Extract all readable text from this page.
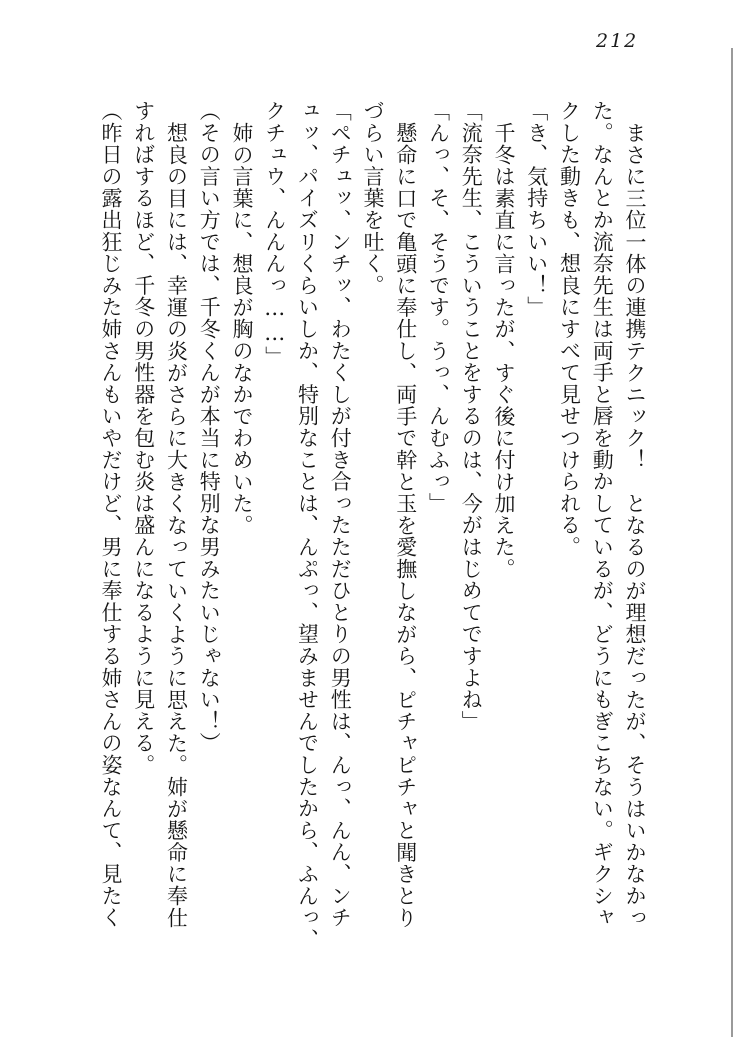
212
まさに三位一体の連携テクニック！　となるのが理想だったが、そうはいかなかっ
た。なんとか流奈先生は両手と唇を動かしているが、どうにもぎこちない。ギクシャ
クした動きも、想良にすべて見せつけられる。
「き、気持ちいい！」
千冬は素直に言ったが、すぐ後に付け加えた。
「流奈先生、こういうことをするのは、今がはじめてですよね」
「んっ、そ、そうです。うっ、んむふっ」
懸命に口で亀頭に奉仕し、両手で幹と玉を愛撫しながら、ピチャピチャと聞きとり
づらい言葉を吐く。
「ペチュッ、ンチッ、わたくしが付き合ったただひとりの男性は、んっ、んん、ンチ
ュッ、パイズリくらいしか、特別なことは、んぷっ、望みませんでしたから、ふんっ、
クチュウ、んんんっ……」
姉の言葉に、想良が胸のなかでわめいた。
（その言い方では、千冬くんが本当に特別な男みたいじゃない！）
想良の目には、幸運の炎がさらに大きくなっていくように思えた。姉が懸命に奉仕
すればするほど、千冬の男性器を包む炎は盛んになるように見える。
（昨日の露出狂じみた姉さんもいやだけど、男に奉仕する姉さんの姿なんて、見たく
